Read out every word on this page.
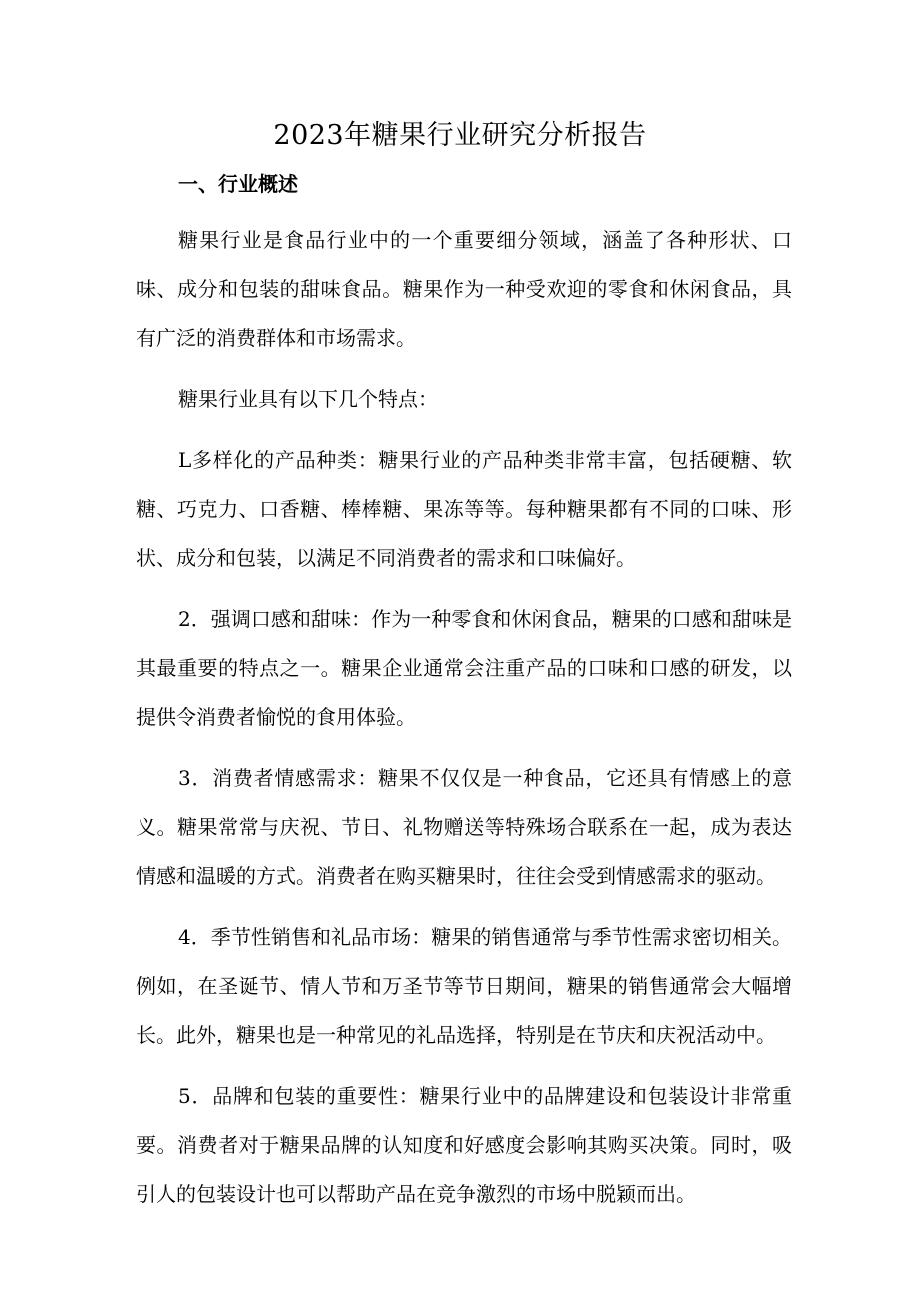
2023年糖果行业研究分析报告
一、行业概述

糖果行业是食品行业中的一个重要细分领域，涵盖了各种形状、口味、成分和包装的甜味食品。糖果作为一种受欢迎的零食和休闲食品，具有广泛的消费群体和市场需求。

糖果行业具有以下几个特点：

L多样化的产品种类：糖果行业的产品种类非常丰富，包括硬糖、软糖、巧克力、口香糖、棒棒糖、果冻等等。每种糖果都有不同的口味、形状、成分和包装，以满足不同消费者的需求和口味偏好。

2．强调口感和甜味：作为一种零食和休闲食品，糖果的口感和甜味是其最重要的特点之一。糖果企业通常会注重产品的口味和口感的研发，以提供令消费者愉悦的食用体验。

3．消费者情感需求：糖果不仅仅是一种食品，它还具有情感上的意义。糖果常常与庆祝、节日、礼物赠送等特殊场合联系在一起，成为表达情感和温暖的方式。消费者在购买糖果时，往往会受到情感需求的驱动。

4．季节性销售和礼品市场：糖果的销售通常与季节性需求密切相关。例如，在圣诞节、情人节和万圣节等节日期间，糖果的销售通常会大幅增长。此外，糖果也是一种常见的礼品选择，特别是在节庆和庆祝活动中。

5．品牌和包装的重要性：糖果行业中的品牌建设和包装设计非常重要。消费者对于糖果品牌的认知度和好感度会影响其购买决策。同时，吸引人的包装设计也可以帮助产品在竞争激烈的市场中脱颖而出。
